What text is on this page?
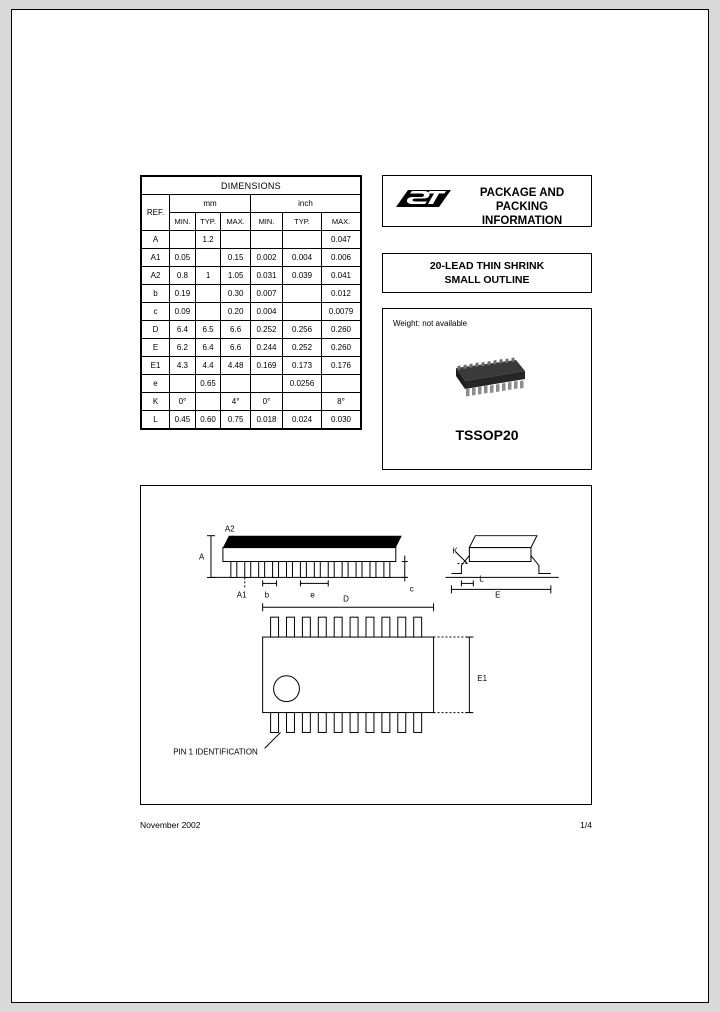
DIMENSIONS						
REF.	mm			inch		
	MIN.	TYP.	MAX.	MIN.	TYP.	MAX.
A		1.2				0.047
A1	0.05		0.15	0.002	0.004	0.006
A2	0.8	1	1.05	0.031	0.039	0.041
b	0.19		0.30	0.007		0.012
c	0.09		0.20	0.004		0.0079
D	6.4	6.5	6.6	0.252	0.256	0.260
E	6.2	6.4	6.6	0.244	0.252	0.260
E1	4.3	4.4	4.48	0.169	0.173	0.176
e		0.65			0.0256	
K	0°		4°	0°		8°
L	0.45	0.60	0.75	0.018	0.024	0.030
PACKAGE AND
PACKING INFORMATION
20-LEAD THIN SHRINK
SMALL OUTLINE
Weight: not available
TSSOP20
A
A2
A1 b	e
c
K
L
E
D
E1
PIN 1 IDENTIFICATION
November 2002	1/4
